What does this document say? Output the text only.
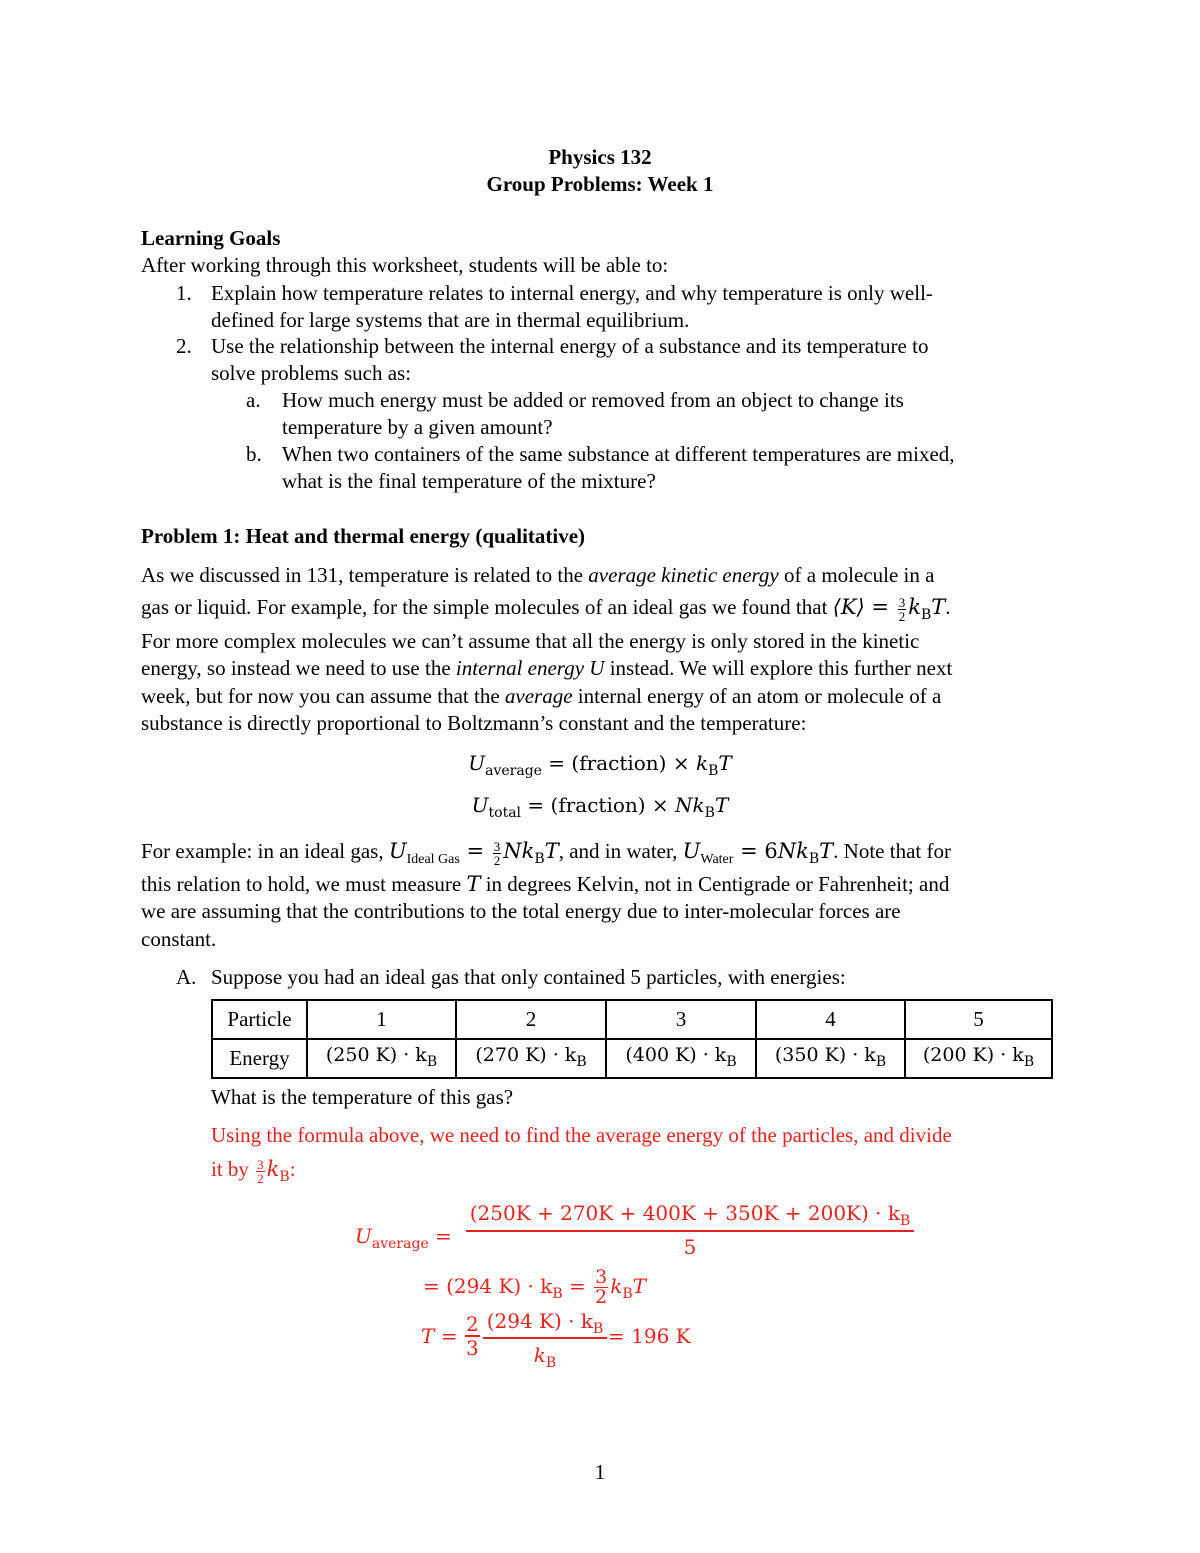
Physics 132
Group Problems: Week 1
Learning Goals
After working through this worksheet, students will be able to:
1. Explain how temperature relates to internal energy, and why temperature is only well-
defined for large systems that are in thermal equilibrium.
2. Use the relationship between the internal energy of a substance and its temperature to
solve problems such as:
a. How much energy must be added or removed from an object to change its
temperature by a given amount?
b. When two containers of the same substance at different temperatures are mixed,
what is the final temperature of the mixture?
Problem 1: Heat and thermal energy (qualitative)
As we discussed in 131, temperature is related to the average kinetic energy of a molecule in a
gas or liquid. For example, for the simple molecules of an ideal gas we found that ⟨K⟩ = $\frac{3}{2} k_BT$.
For more complex molecules we can’t assume that all the energy is only stored in the kinetic
energy, so instead we need to use the internal energy U instead. We will explore this further next
week, but for now you can assume that the average internal energy of an atom or molecule of a
substance is directly proportional to Boltzmann’s constant and the temperature:
$U_{average}$ = (fraction) × $k_BT$
$U_{total}$ = (fraction) × $Nk_BT$
For example: in an ideal gas, $U_{Ideal Gas} = \frac{3}{2} Nk_BT$, and in water, $U_{Water} = 6Nk_BT$. Note that for
this relation to hold, we must measure T in degrees Kelvin, not in Centigrade or Fahrenheit; and
we are assuming that the contributions to the total energy due to inter-molecular forces are
constant.
A. Suppose you had an ideal gas that only contained 5 particles, with energies:
Particle	1	2	3	4	5
Energy	(250 $K) \cdot k_B$	(270 $K) \cdot k_B$	(400 $K) \cdot k_B$	(350 $K) \cdot k_B$	(200 $K) \cdot k_B$
What is the temperature of this gas?
Using the formula above, we need to find the average energy of the particles, and divide
it by $\frac{3}{2} k_B$:
$U_{average}$ =
$(250K + 270K + 400K + 350K + 200K) \cdot k_B$
5
= (294 $K) \cdot k_B = \frac{3}{2} k_BT$
T = 2
3
(294 $K) \cdot k_B$
$k_B$
= 196 K
1
